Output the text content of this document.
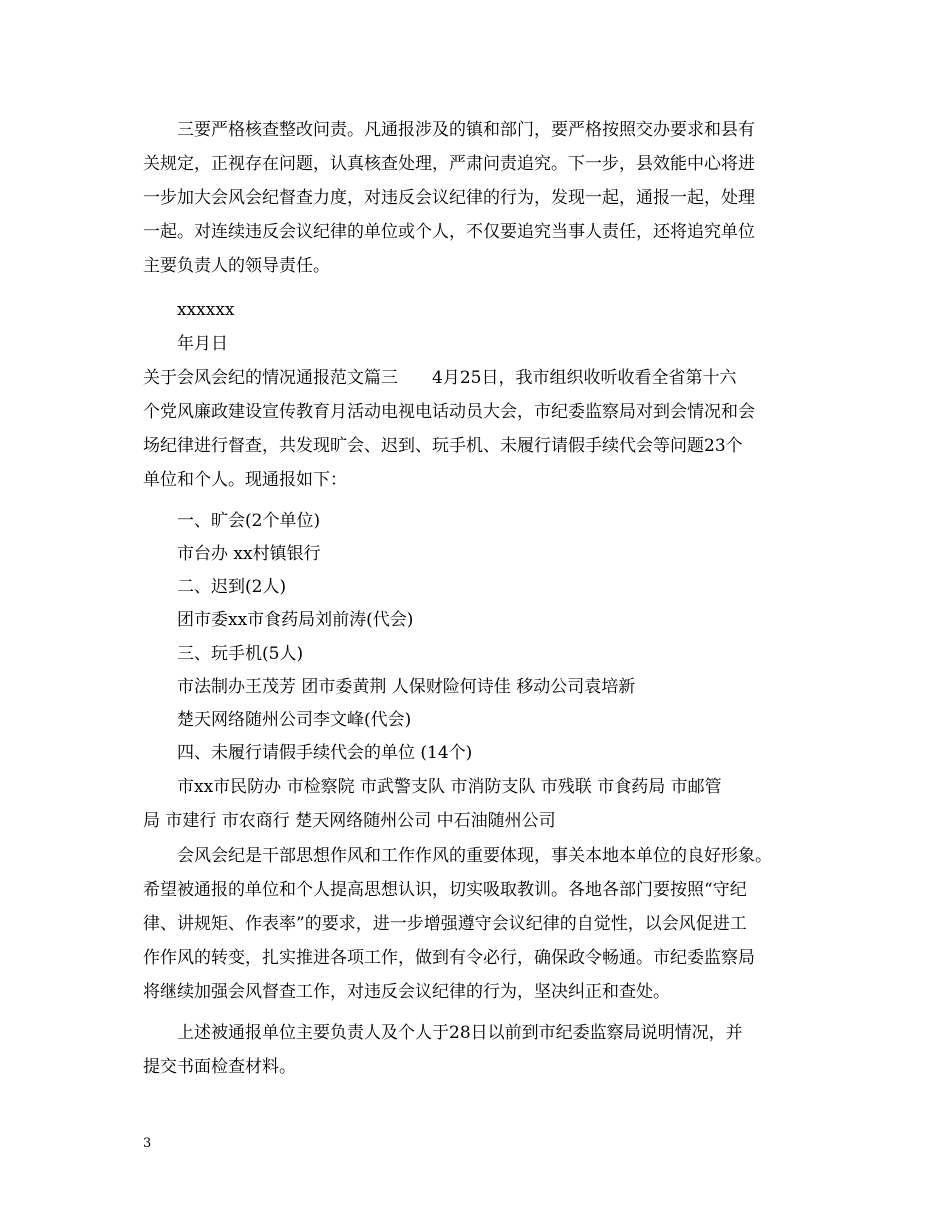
三要严格核查整改问责。凡通报涉及的镇和部门，要严格按照交办要求和县有
关规定，正视存在问题，认真核查处理，严肃问责追究。下一步，县效能中心将进
一步加大会风会纪督查力度，对违反会议纪律的行为，发现一起，通报一起，处理
一起。对连续违反会议纪律的单位或个人，不仅要追究当事人责任，还将追究单位
主要负责人的领导责任。
xxxxxx
年月日
关于会风会纪的情况通报范文篇三　　4月25日，我市组织收听收看全省第十六
个党风廉政建设宣传教育月活动电视电话动员大会，市纪委监察局对到会情况和会
场纪律进行督查，共发现旷会、迟到、玩手机、未履行请假手续代会等问题23个
单位和个人。现通报如下：
一、旷会(2个单位)
市台办 xx村镇银行
二、迟到(2人)
团市委xx市食药局刘前涛(代会)
三、玩手机(5人)
市法制办王茂芳 团市委黄荆 人保财险何诗佳 移动公司袁培新
楚天网络随州公司李文峰(代会)
四、未履行请假手续代会的单位 (14个)
市xx市民防办 市检察院 市武警支队 市消防支队 市残联 市食药局 市邮管
局 市建行 市农商行 楚天网络随州公司 中石油随州公司
会风会纪是干部思想作风和工作作风的重要体现，事关本地本单位的良好形象。
希望被通报的单位和个人提高思想认识，切实吸取教训。各地各部门要按照“守纪
律、讲规矩、作表率”的要求，进一步增强遵守会议纪律的自觉性，以会风促进工
作作风的转变，扎实推进各项工作，做到有令必行，确保政令畅通。市纪委监察局
将继续加强会风督查工作，对违反会议纪律的行为，坚决纠正和查处。
上述被通报单位主要负责人及个人于28日以前到市纪委监察局说明情况，并
提交书面检查材料。
3
